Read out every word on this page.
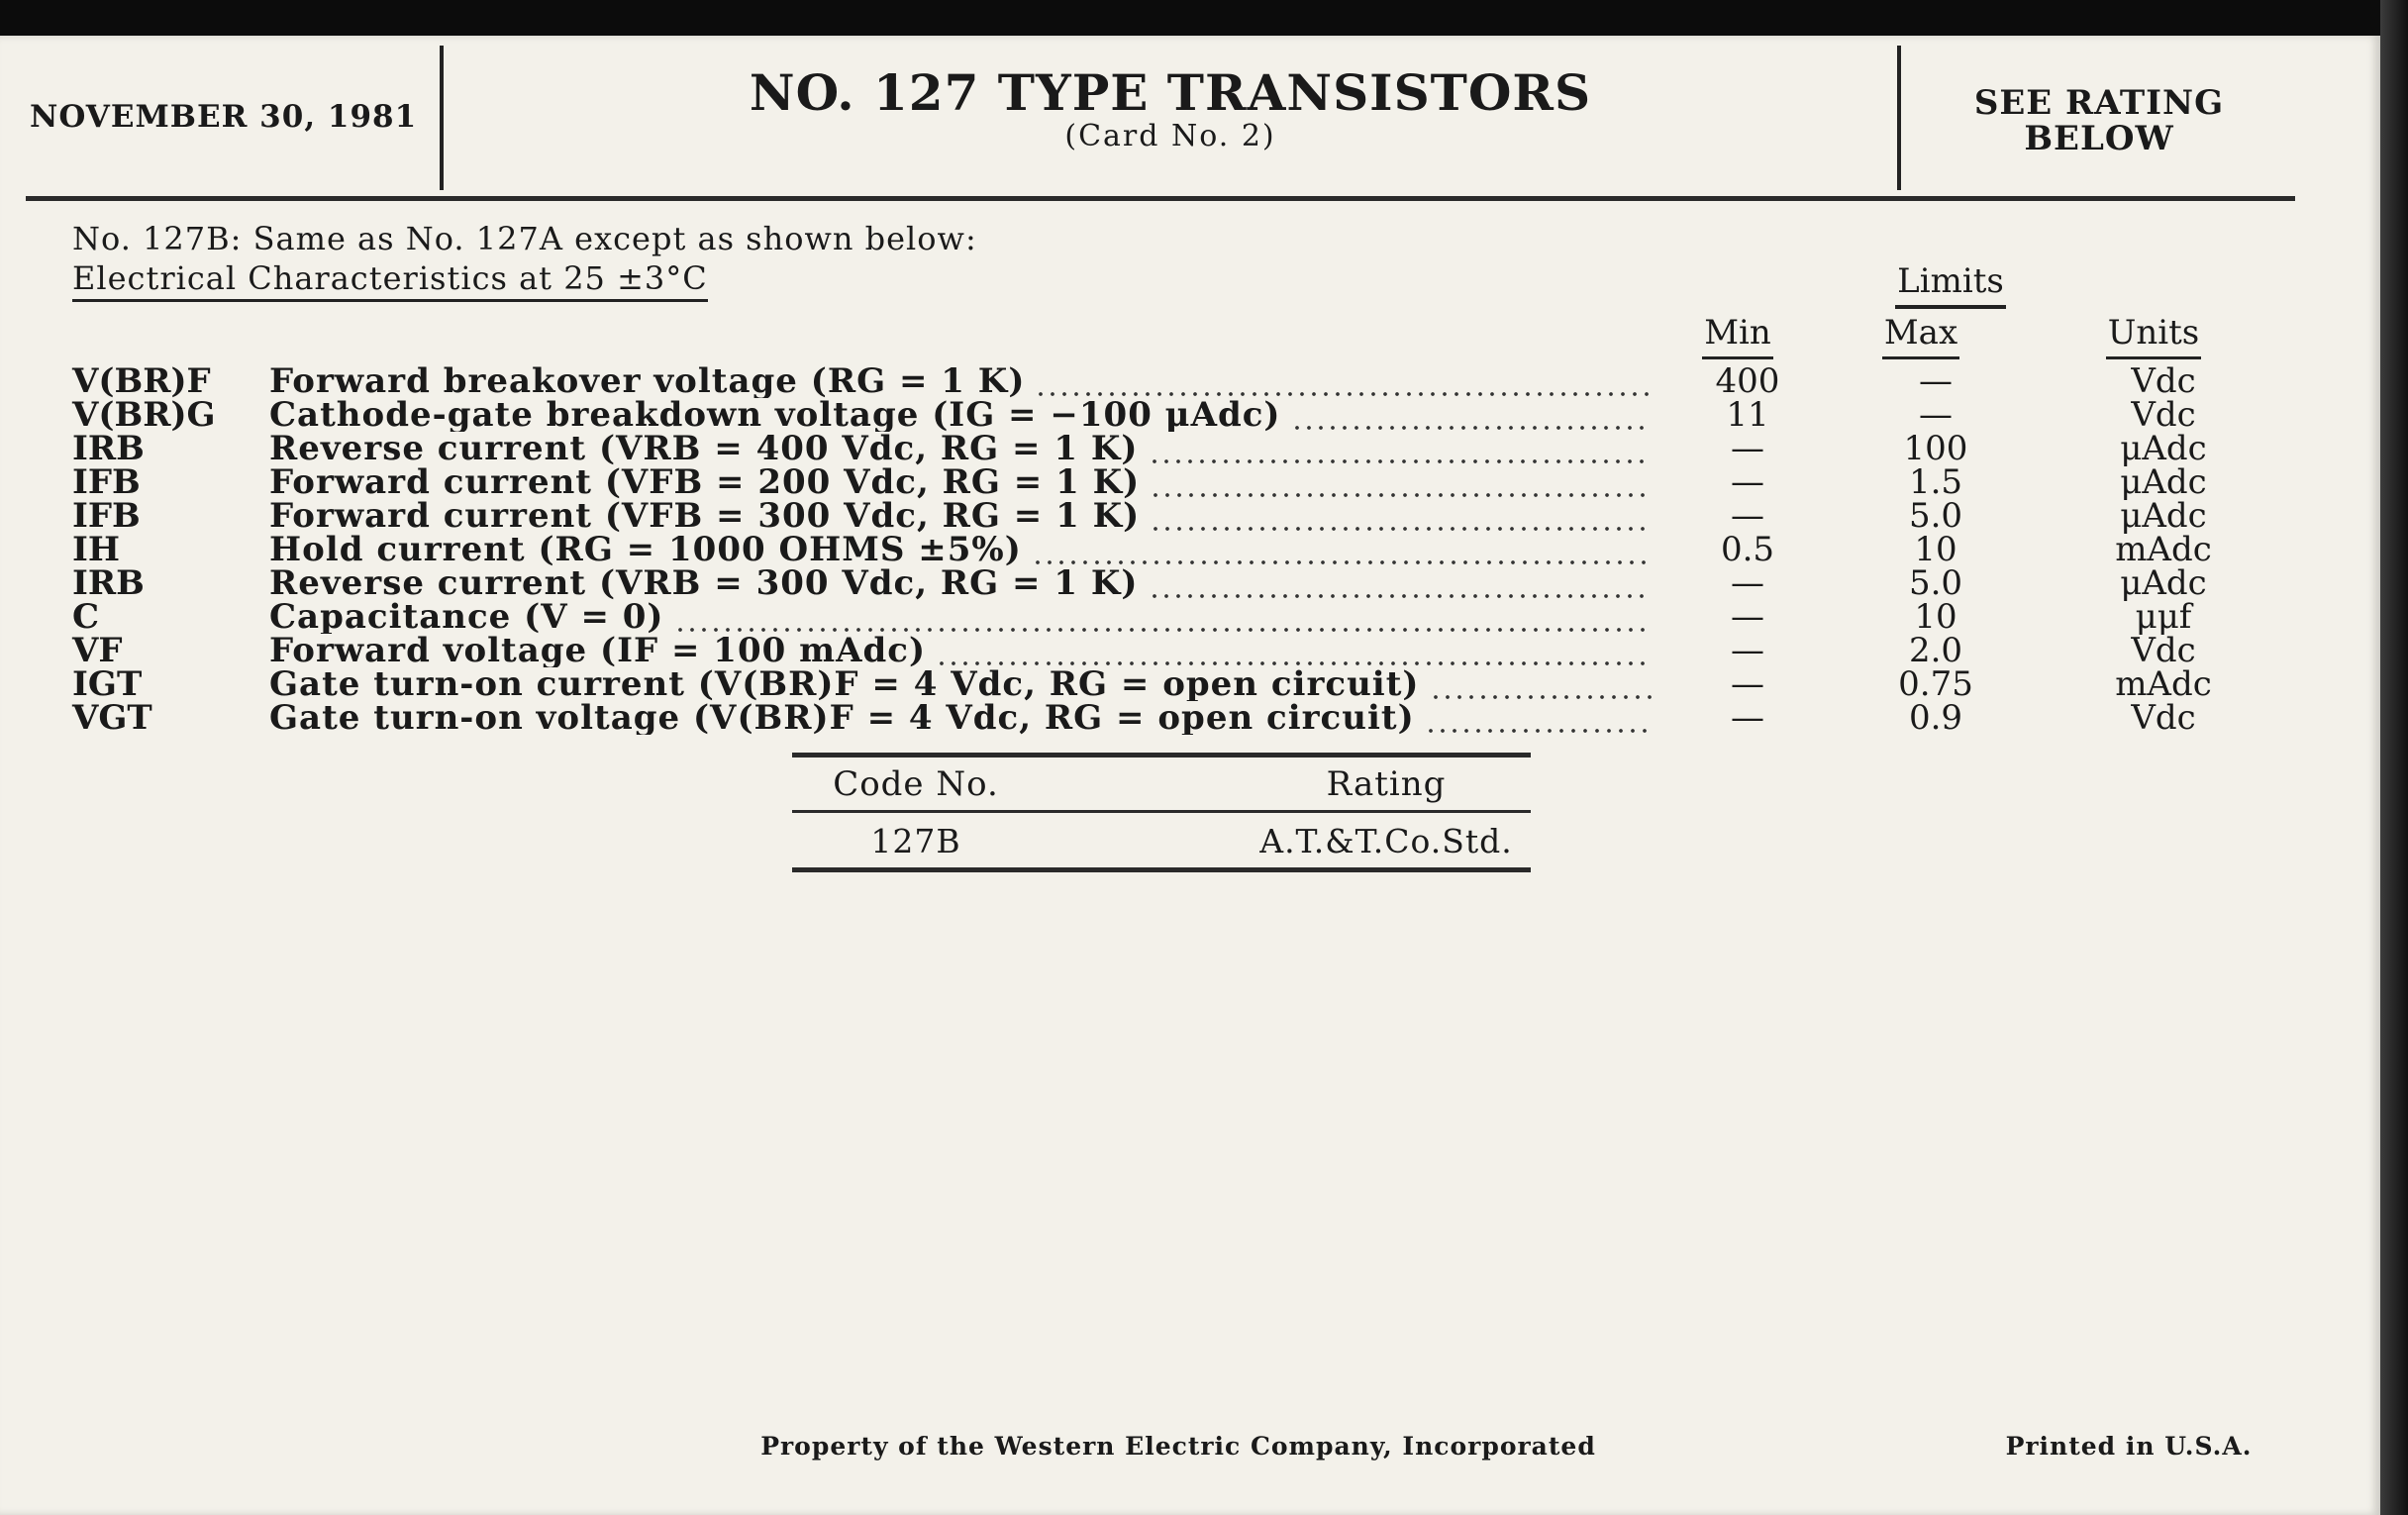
NOVEMBER 30, 1981	NO. 127 TYPE TRANSISTORS
(Card No. 2)
SEE RATING
BELOW
No. 127B: Same as No. 127A except as shown below:
Electrical Characteristics at 25 ±3°C	Limits
Min	Max	Units
V(BR)F Forward breakover voltage (RG = 1 K)	400	—	Vdc
V(BR)G Cathode-gate breakdown voltage (IG = −100 μAdc)	11	—	Vdc
IRB	Reverse current (VRB = 400 Vdc, RG = 1 K)	—	100	μAdc
IFB	Forward current (VFB = 200 Vdc, RG = 1 K)	—	1.5	μAdc
IFB	Forward current (VFB = 300 Vdc, RG = 1 K)	—	5.0	μAdc
IH	Hold current (RG = 1000 OHMS ±5%)	0.5	10	mAdc
IRB	Reverse current (VRB = 300 Vdc, RG = 1 K)	—	5.0	μAdc
C	Capacitance (V = 0)	—	10	μμf
VF	Forward voltage (IF = 100 mAdc)	—	2.0	Vdc
IGT	Gate turn-on current (V(BR)F = 4 Vdc, RG = open circuit)	—	0.75	mAdc
VGT	Gate turn-on voltage (V(BR)F = 4 Vdc, RG = open circuit)	—	0.9	Vdc
Code No.	Rating
127B	A.T.&T.Co.Std.
Property of the Western Electric Company, Incorporated	Printed in U.S.A.
